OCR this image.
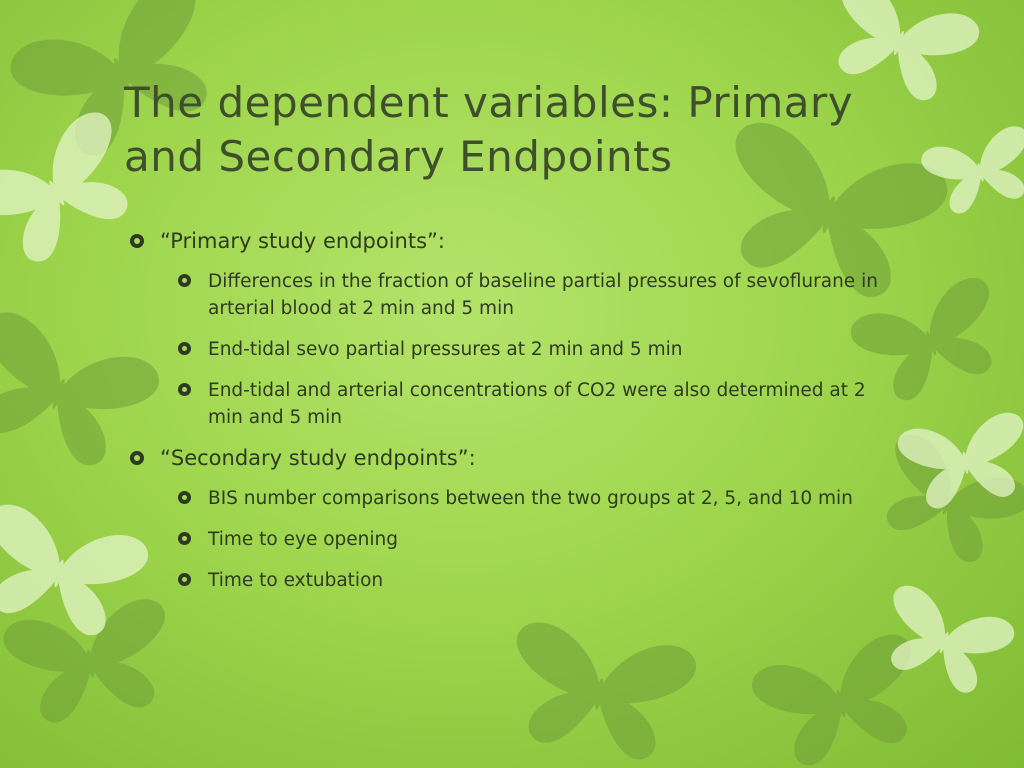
The dependent variables: Primary
and Secondary Endpoints
“Primary study endpoints”:
Differences in the fraction of baseline partial pressures of sevoflurane in arterial blood at 2 min and 5 min
End-tidal sevo partial pressures at 2 min and 5 min
End-tidal and arterial concentrations of CO2 were also determined at 2 min and 5 min
“Secondary study endpoints”:
BIS number comparisons between the two groups at 2, 5, and 10 min
Time to eye opening
Time to extubation
